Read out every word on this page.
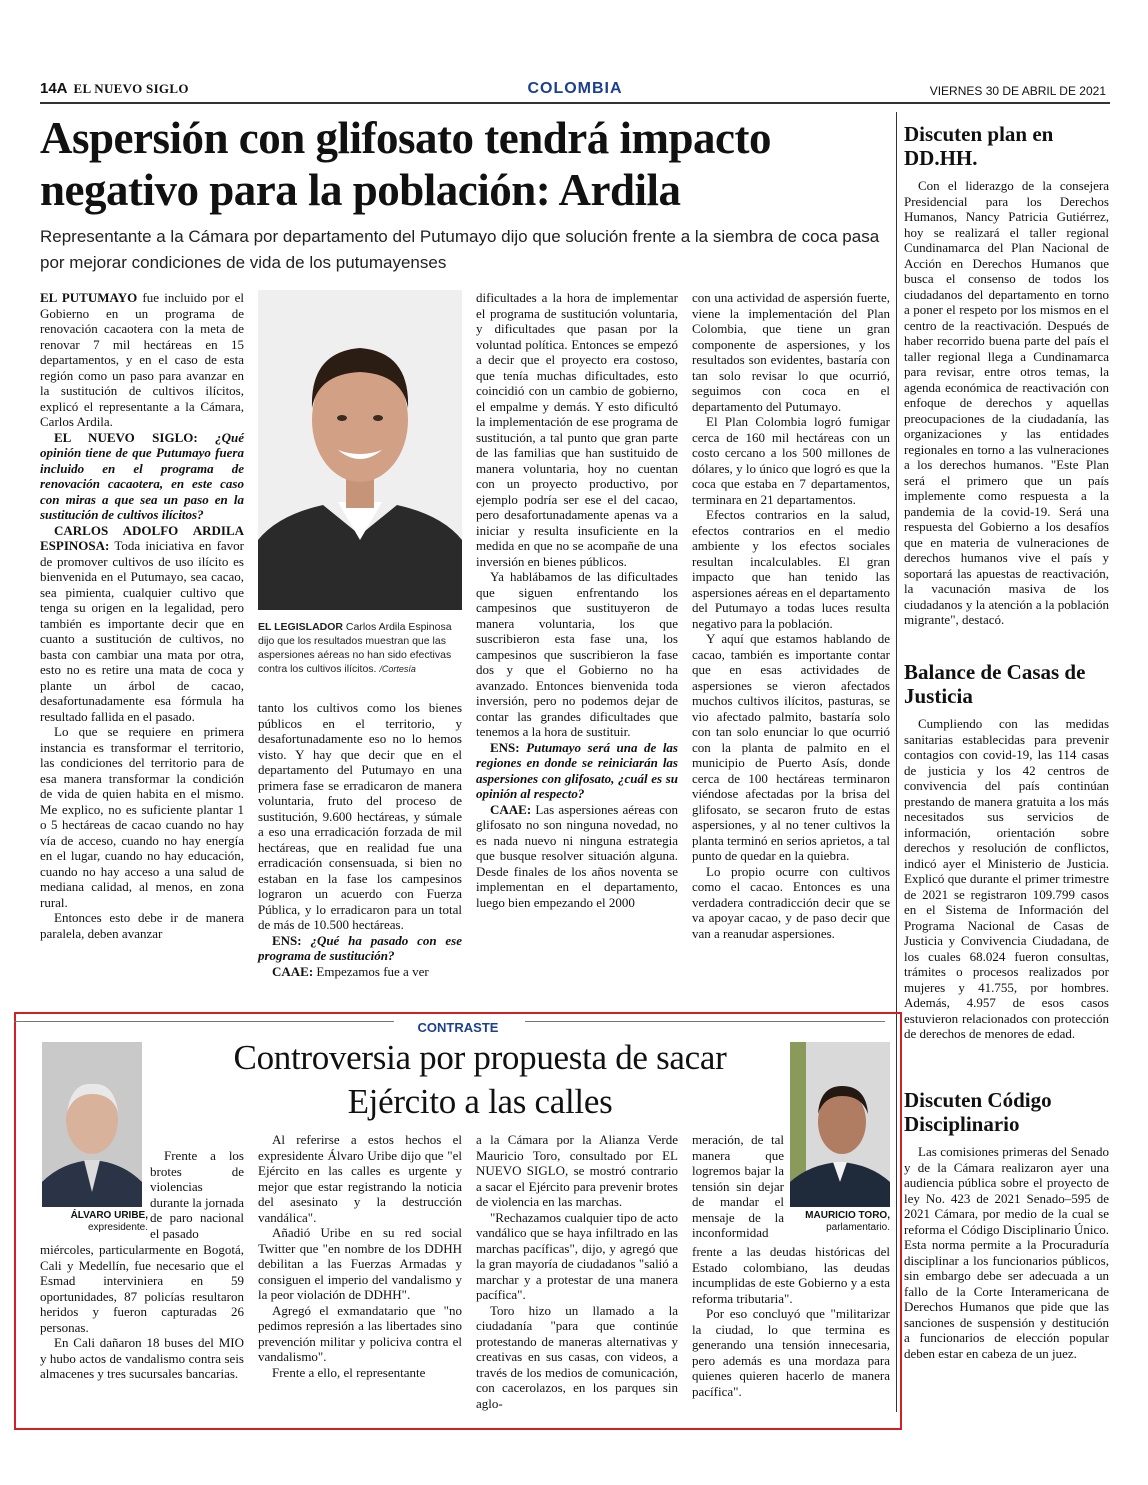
14A EL NUEVO SIGLO	COLOMBIA	VIERNES 30 DE ABRIL DE 2021
Aspersión con glifosato tendrá impacto negativo para la población: Ardila
Representante a la Cámara por departamento del Putumayo dijo que solución frente a la siembra de coca pasa por mejorar condiciones de vida de los putumayenses

EL PUTUMAYO fue incluido por el Gobierno en un programa de renovación cacaotera con la meta de renovar 7 mil hectáreas en 15 departamentos, y en el caso de esta región como un paso para avanzar en la sustitución de cultivos ilícitos, explicó el representante a la Cámara, Carlos Ardila.

EL NUEVO SIGLO: ¿Qué opinión tiene de que Putumayo fuera incluido en el programa de renovación cacaotera, en este caso con miras a que sea un paso en la sustitución de cultivos ilícitos?

CARLOS ADOLFO ARDILA ESPINOSA: Toda iniciativa en favor de promover cultivos de uso ilícito es bienvenida en el Putumayo, sea cacao, sea pimienta, cualquier cultivo que tenga su origen en la legalidad, pero también es importante decir que en cuanto a sustitución de cultivos, no basta con cambiar una mata por otra, esto no es retire una mata de coca y plante un árbol de cacao, desafortunadamente esa fórmula ha resultado fallida en el pasado.

Lo que se requiere en primera instancia es transformar el territorio, las condiciones del territorio para de esa manera transformar la condición de vida de quien habita en el mismo. Me explico, no es suficiente plantar 1 o 5 hectáreas de cacao cuando no hay vía de acceso, cuando no hay energía en el lugar, cuando no hay educación, cuando no hay acceso a una salud de mediana calidad, al menos, en zona rural.

Entonces esto debe ir de manera paralela, deben avanzar

EL LEGISLADOR Carlos Ardila Espinosa dijo que los resultados muestran que las aspersiones aéreas no han sido efectivas contra los cultivos ilícitos. /Cortesía

tanto los cultivos como los bienes públicos en el territorio, y desafortunadamente eso no lo hemos visto. Y hay que decir que en el departamento del Putumayo en una primera fase se erradicaron de manera voluntaria, fruto del proceso de sustitución, 9.600 hectáreas, y súmale a eso una erradicación forzada de mil hectáreas, que en realidad fue una erradicación consensuada, si bien no estaban en la fase los campesinos lograron un acuerdo con Fuerza Pública, y lo erradicaron para un total de más de 10.500 hectáreas.

ENS: ¿Qué ha pasado con ese programa de sustitución?

CAAE: Empezamos fue a ver

dificultades a la hora de implementar el programa de sustitución voluntaria, y dificultades que pasan por la voluntad política. Entonces se empezó a decir que el proyecto era costoso, que tenía muchas dificultades, esto coincidió con un cambio de gobierno, el empalme y demás. Y esto dificultó la implementación de ese programa de sustitución, a tal punto que gran parte de las familias que han sustituido de manera voluntaria, hoy no cuentan con un proyecto productivo, por ejemplo podría ser ese el del cacao, pero desafortunadamente apenas va a iniciar y resulta insuficiente en la medida en que no se acompañe de una inversión en bienes públicos.

Ya hablábamos de las dificultades que siguen enfrentando los campesinos que sustituyeron de manera voluntaria, los que suscribieron esta fase una, los campesinos que suscribieron la fase dos y que el Gobierno no ha avanzado. Entonces bienvenida toda inversión, pero no podemos dejar de contar las grandes dificultades que tenemos a la hora de sustituir.

ENS: Putumayo será una de las regiones en donde se reiniciarán las aspersiones con glifosato, ¿cuál es su opinión al respecto?

CAAE: Las aspersiones aéreas con glifosato no son ninguna novedad, no es nada nuevo ni ninguna estrategia que busque resolver situación alguna. Desde finales de los años noventa se implementan en el departamento, luego bien empezando el 2000

con una actividad de aspersión fuerte, viene la implementación del Plan Colombia, que tiene un gran componente de aspersiones, y los resultados son evidentes, bastaría con tan solo revisar lo que ocurrió, seguimos con coca en el departamento del Putumayo.

El Plan Colombia logró fumigar cerca de 160 mil hectáreas con un costo cercano a los 500 millones de dólares, y lo único que logró es que la coca que estaba en 7 departamentos, terminara en 21 departamentos.

Efectos contrarios en la salud, efectos contrarios en el medio ambiente y los efectos sociales resultan incalculables. El gran impacto que han tenido las aspersiones aéreas en el departamento del Putumayo a todas luces resulta negativo para la población.

Y aquí que estamos hablando de cacao, también es importante contar que en esas actividades de aspersiones se vieron afectados muchos cultivos ilícitos, pasturas, se vio afectado palmito, bastaría solo con tan solo enunciar lo que ocurrió con la planta de palmito en el municipio de Puerto Asís, donde cerca de 100 hectáreas terminaron viéndose afectadas por la brisa del glifosato, se secaron fruto de estas aspersiones, y al no tener cultivos la planta terminó en serios aprietos, a tal punto de quedar en la quiebra.

Lo propio ocurre con cultivos como el cacao. Entonces es una verdadera contradicción decir que se va apoyar cacao, y de paso decir que van a reanudar aspersiones.

Discuten plan en DD.HH.

Con el liderazgo de la consejera Presidencial para los Derechos Humanos, Nancy Patricia Gutiérrez, hoy se realizará el taller regional Cundinamarca del Plan Nacional de Acción en Derechos Humanos que busca el consenso de todos los ciudadanos del departamento en torno a poner el respeto por los mismos en el centro de la reactivación. Después de haber recorrido buena parte del país el taller regional llega a Cundinamarca para revisar, entre otros temas, la agenda económica de reactivación con enfoque de derechos y aquellas preocupaciones de la ciudadanía, las organizaciones y las entidades regionales en torno a las vulneraciones a los derechos humanos. "Este Plan será el primero que un país implemente como respuesta a la pandemia de la covid-19. Será una respuesta del Gobierno a los desafíos que en materia de vulneraciones de derechos humanos vive el país y soportará las apuestas de reactivación, la vacunación masiva de los ciudadanos y la atención a la población migrante", destacó.

Balance de Casas de Justicia

Cumpliendo con las medidas sanitarias establecidas para prevenir contagios con covid-19, las 114 casas de justicia y los 42 centros de convivencia del país continúan prestando de manera gratuita a los más necesitados sus servicios de información, orientación sobre derechos y resolución de conflictos, indicó ayer el Ministerio de Justicia. Explicó que durante el primer trimestre de 2021 se registraron 109.799 casos en el Sistema de Información del Programa Nacional de Casas de Justicia y Convivencia Ciudadana, de los cuales 68.024 fueron consultas, trámites o procesos realizados por mujeres y 41.755, por hombres. Además, 4.957 de esos casos estuvieron relacionados con protección de derechos de menores de edad.

Discuten Código Disciplinario

Las comisiones primeras del Senado y de la Cámara realizaron ayer una audiencia pública sobre el proyecto de ley No. 423 de 2021 Senado–595 de 2021 Cámara, por medio de la cual se reforma el Código Disciplinario Único. Esta norma permite a la Procuraduría disciplinar a los funcionarios públicos, sin embargo debe ser adecuada a un fallo de la Corte Interamericana de Derechos Humanos que pide que las sanciones de suspensión y destitución a funcionarios de elección popular deben estar en cabeza de un juez.

CONTRASTE
Controversia por propuesta de sacar Ejército a las calles
ÁLVARO URIBE,
expresidente.
MAURICIO TORO,
parlamentario.

Frente a los brotes de violencias durante la jornada de paro nacional el pasado

miércoles, particularmente en Bogotá, Cali y Medellín, fue necesario que el Esmad interviniera en 59 oportunidades, 87 policías resultaron heridos y fueron capturadas 26 personas.

En Cali dañaron 18 buses del MIO y hubo actos de vandalismo contra seis almacenes y tres sucursales bancarias.

Al referirse a estos hechos el expresidente Álvaro Uribe dijo que "el Ejército en las calles es urgente y mejor que estar registrando la noticia del asesinato y la destrucción vandálica".

Añadió Uribe en su red social Twitter que "en nombre de los DDHH debilitan a las Fuerzas Armadas y consiguen el imperio del vandalismo y la peor violación de DDHH".

Agregó el exmandatario que "no pedimos represión a las libertades sino prevención militar y policiva contra el vandalismo".

Frente a ello, el representante

a la Cámara por la Alianza Verde Mauricio Toro, consultado por EL NUEVO SIGLO, se mostró contrario a sacar el Ejército para prevenir brotes de violencia en las marchas.

"Rechazamos cualquier tipo de acto vandálico que se haya infiltrado en las marchas pacíficas", dijo, y agregó que la gran mayoría de ciudadanos "salió a marchar y a protestar de una manera pacífica".

Toro hizo un llamado a la ciudadanía "para que continúe protestando de maneras alternativas y creativas en sus casas, con videos, a través de los medios de comunicación, con cacerolazos, en los parques sin aglo-

meración, de tal manera que logremos bajar la tensión sin dejar de mandar el mensaje de la inconformidad

frente a las deudas históricas del Estado colombiano, las deudas incumplidas de este Gobierno y a esta reforma tributaria".

Por eso concluyó que "militarizar la ciudad, lo que termina es generando una tensión innecesaria, pero además es una mordaza para quienes quieren hacerlo de manera pacífica".
